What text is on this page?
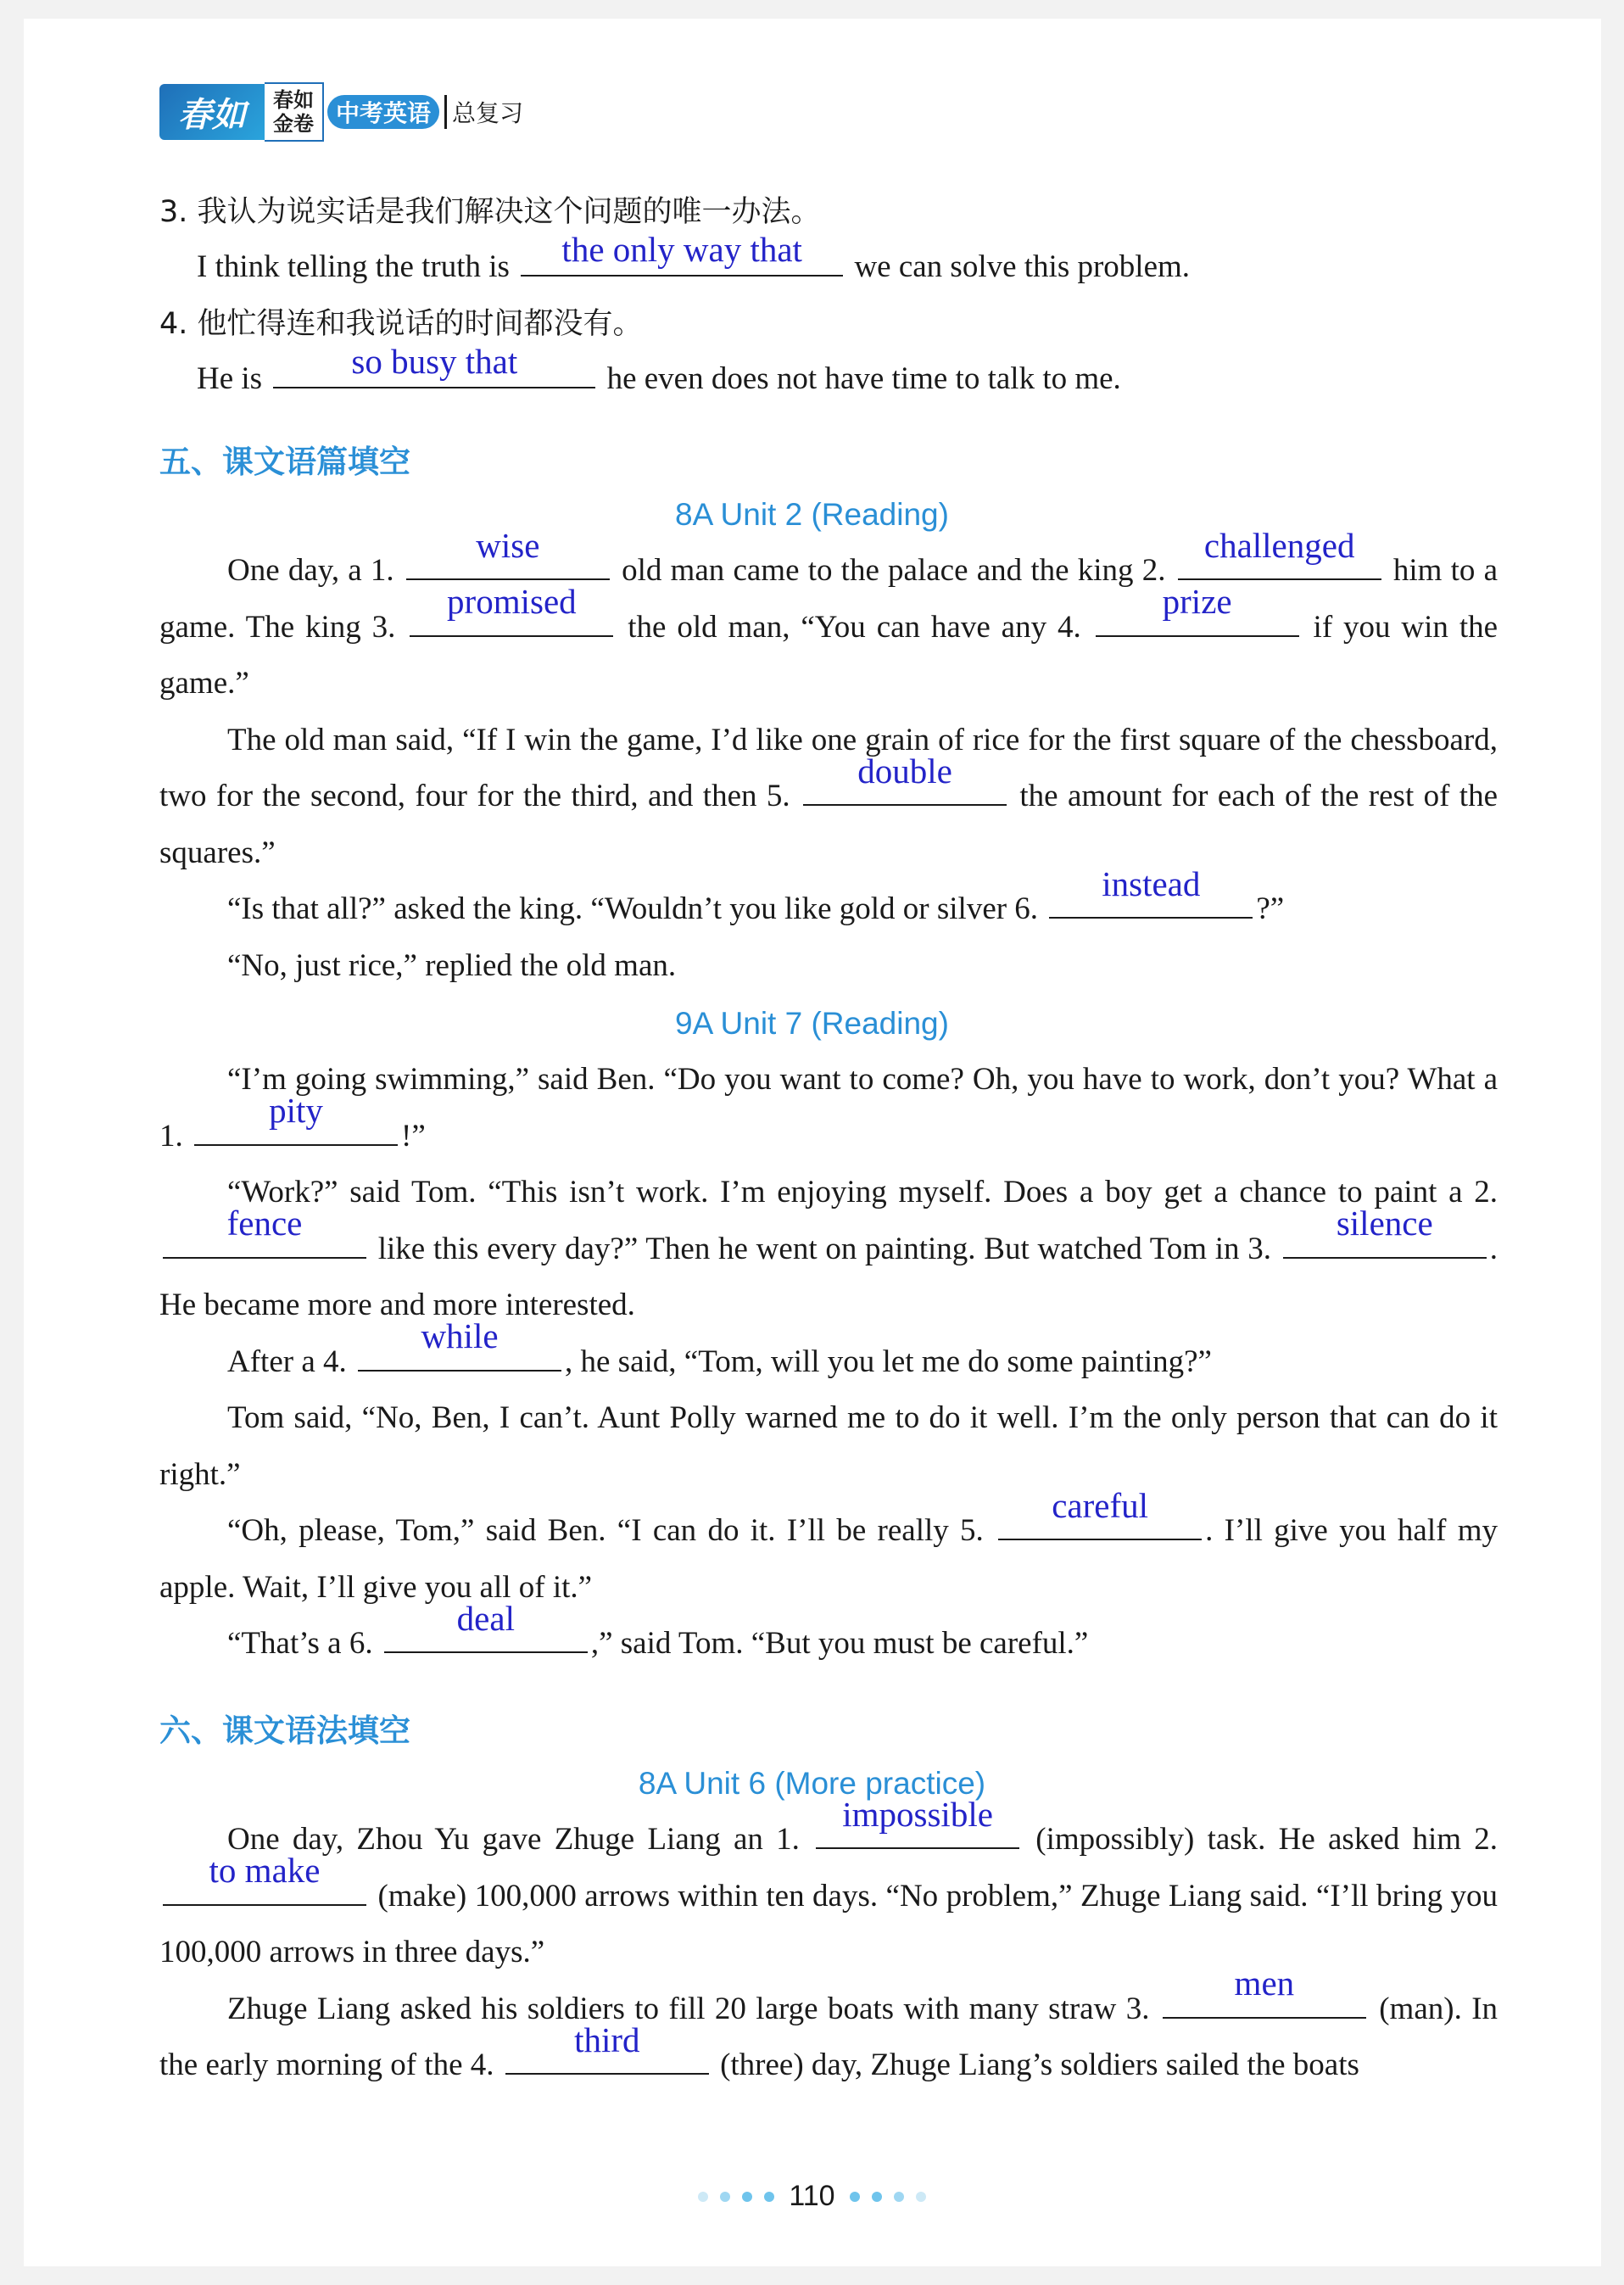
春如	春如
金卷 中考英语 总复习
3. 我认为说实话是我们解决这个问题的唯一办法。
I think telling the truth is	the only way that	we can solve this problem.
4. 他忙得连和我说话的时间都没有。
He is	so busy that	he even does not have time to talk to me.
五、课文语篇填空
8A Unit 2 (Reading)
One day, a 1.
wise
old man came to the palace and the king 2.
challenged
him to a game. The king 3.
promised
the old man, “You can have any 4.
prize
if you win the game.”
The old man said, “If I win the game, I’d like one grain of rice for the first square of the chessboard, two for the second, four for the third, and then 5.
double
the amount for each of the rest of the squares.”
“Is that all?” asked the king. “Wouldn’t you like gold or silver 6.
instead
?”
“No, just rice,” replied the old man.
9A Unit 7 (Reading)
“I’m going swimming,” said Ben. “Do you want to come? Oh, you have to work, don’t you? What a 1.
pity
!”
“Work?” said Tom. “This isn’t work. I’m enjoying myself. Does a boy get a chance to paint a 2.
fence
like this every day?” Then he went on painting. But watched Tom in 3.
silence
. He became more and more interested.
After a 4.
while
, he said, “Tom, will you let me do some painting?”
Tom said, “No, Ben, I can’t. Aunt Polly warned me to do it well. I’m the only person that can do it right.”
“Oh, please, Tom,” said Ben. “I can do it. I’ll be really 5.
careful
. I’ll give you half my apple. Wait, I’ll give you all of it.”
“That’s a 6.
deal
,” said Tom. “But you must be careful.”
六、课文语法填空
8A Unit 6 (More practice)
One day, Zhou Yu gave Zhuge Liang an 1.
impossible
(impossibly) task. He asked him 2.
to make
(make) 100,000 arrows within ten days. “No problem,” Zhuge Liang said. “I’ll bring you 100,000 arrows in three days.”
Zhuge Liang asked his soldiers to fill 20 large boats with many straw 3.
men
(man). In the early morning of the 4.
third
(three) day, Zhuge Liang’s soldiers sailed the boats
110
